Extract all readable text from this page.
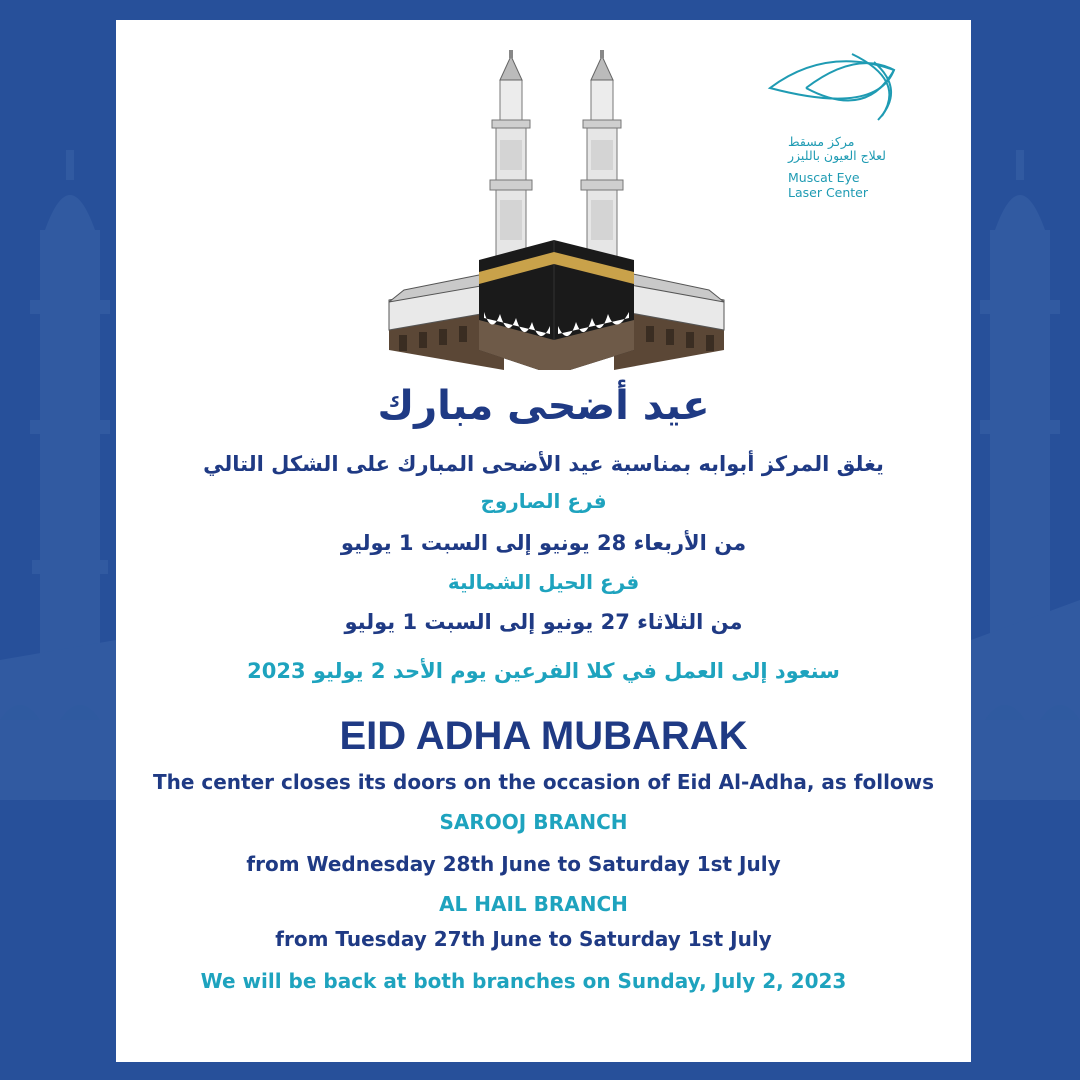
مركز مسقط
لعلاج العيون بالليزر
Muscat Eye
Laser Center
عيد أضحى مبارك
يغلق المركز أبوابه بمناسبة عيد الأضحى المبارك على الشكل التالي
فرع الصاروج
من الأربعاء 28 يونيو إلى السبت 1 يوليو
فرع الحيل الشمالية
من الثلاثاء 27 يونيو إلى السبت 1 يوليو
سنعود إلى العمل في كلا الفرعين يوم الأحد 2 يوليو 2023
EID ADHA MUBARAK
The center closes its doors on the occasion of Eid Al-Adha, as follows
SAROOJ BRANCH
from Wednesday 28th June to Saturday 1st July
AL HAIL BRANCH
from Tuesday 27th June to Saturday 1st July
We will be back at both branches on Sunday, July 2, 2023
